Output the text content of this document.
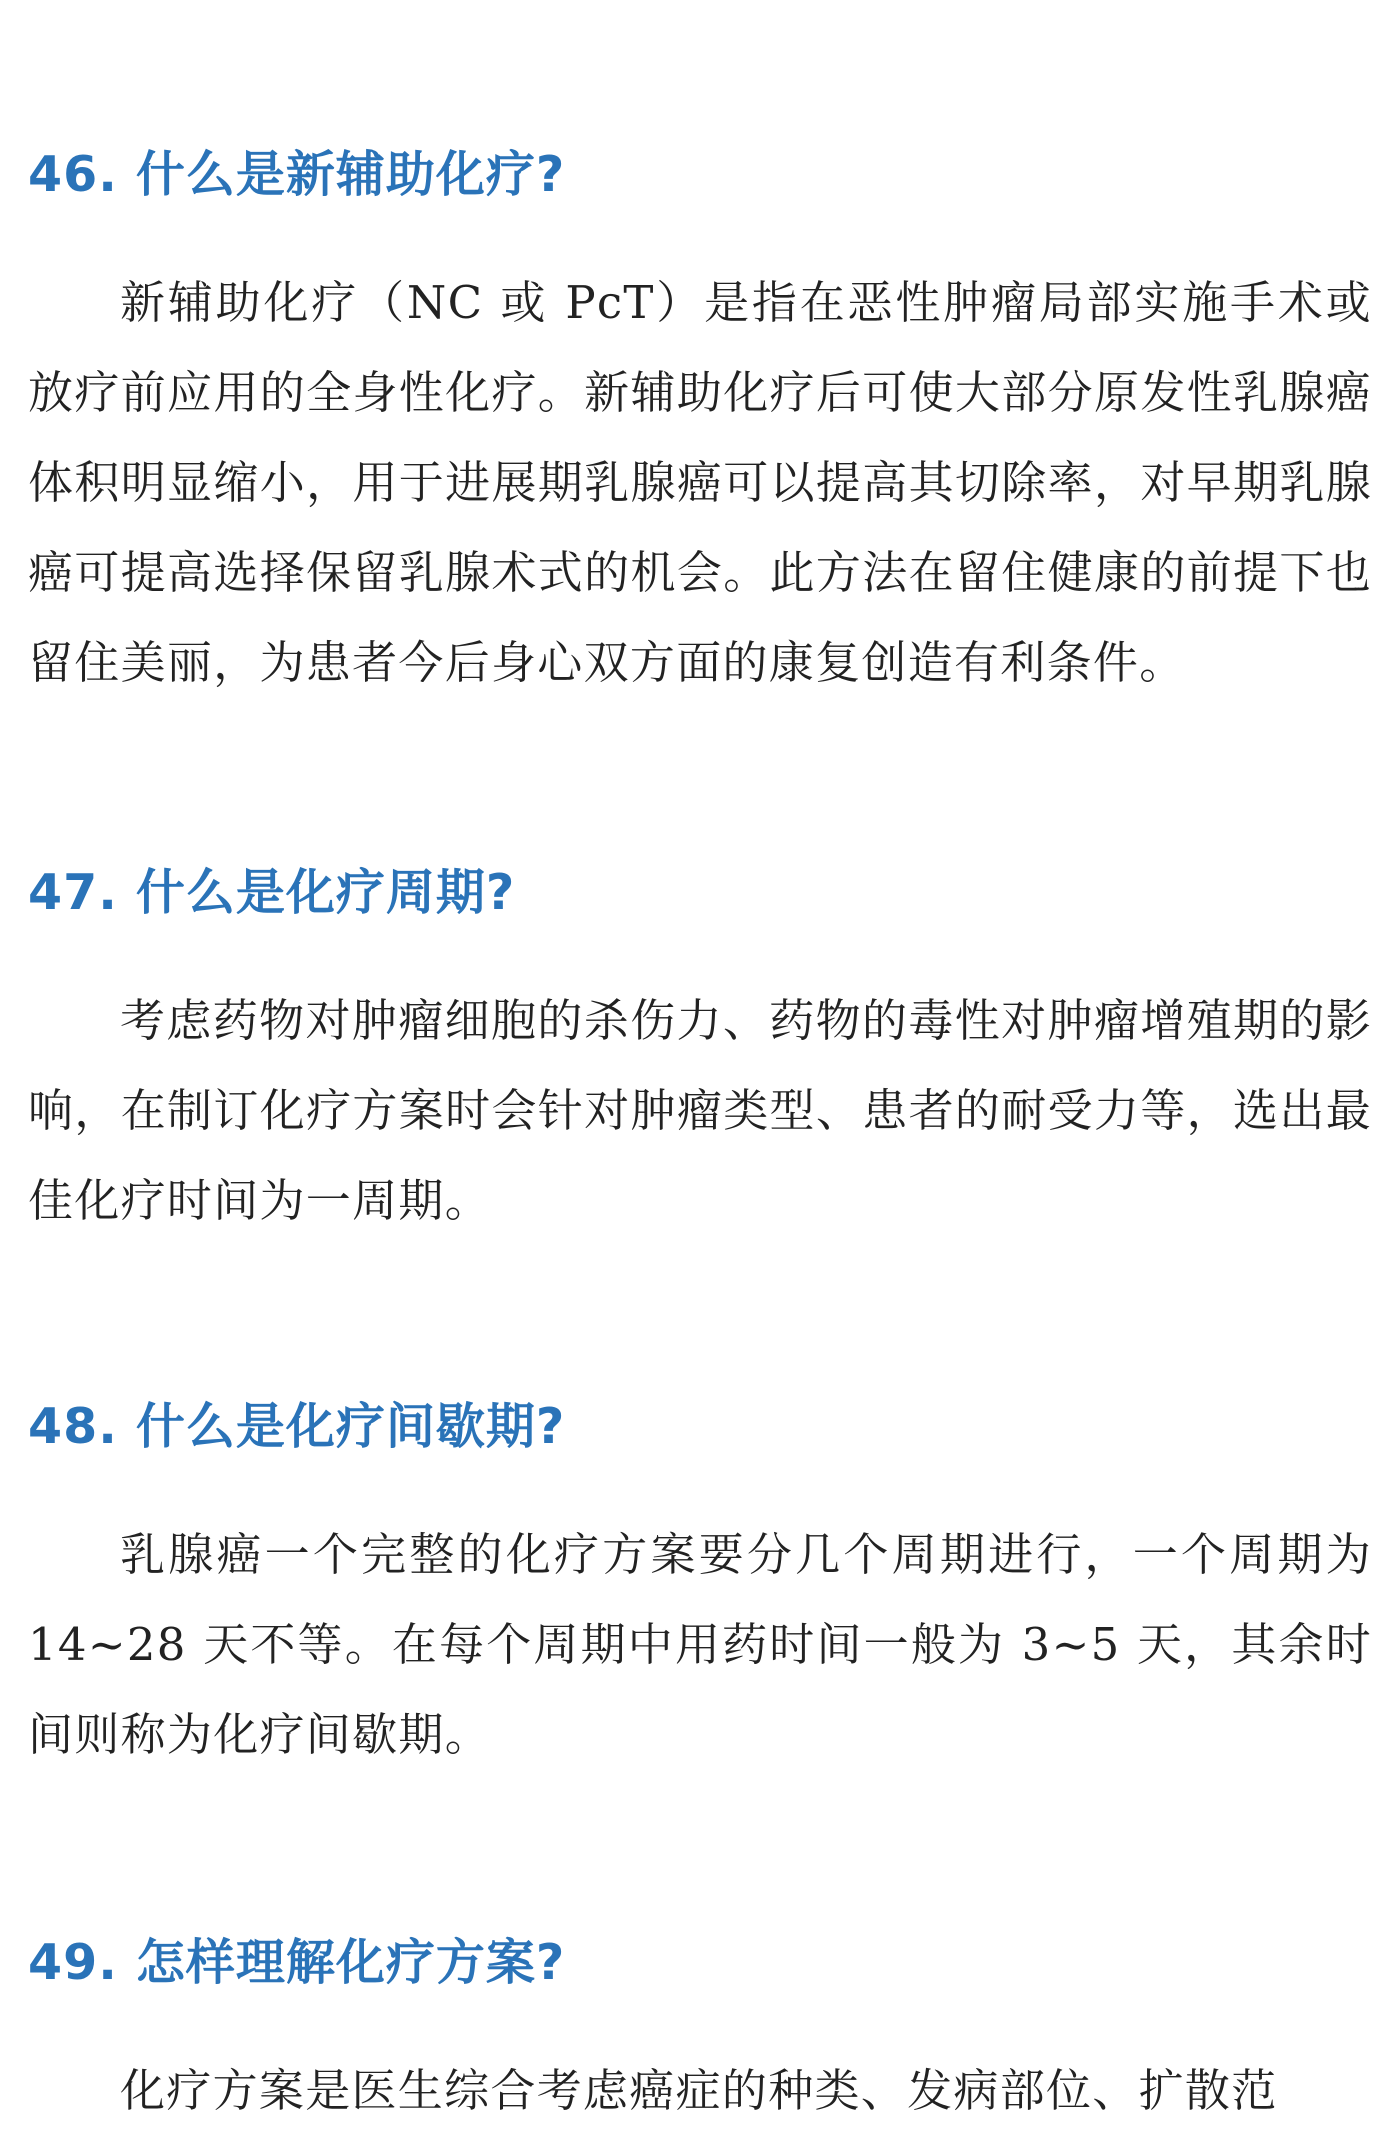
46. 什么是新辅助化疗?

新辅助化疗（NC 或 PcT）是指在恶性肿瘤局部实施手术或放疗前应用的全身性化疗。新辅助化疗后可使大部分原发性乳腺癌体积明显缩小，用于进展期乳腺癌可以提高其切除率，对早期乳腺癌可提高选择保留乳腺术式的机会。此方法在留住健康的前提下也留住美丽，为患者今后身心双方面的康复创造有利条件。

47. 什么是化疗周期?

考虑药物对肿瘤细胞的杀伤力、药物的毒性对肿瘤增殖期的影响，在制订化疗方案时会针对肿瘤类型、患者的耐受力等，选出最佳化疗时间为一周期。

48. 什么是化疗间歇期?

乳腺癌一个完整的化疗方案要分几个周期进行，一个周期为14~28 天不等。在每个周期中用药时间一般为 3~5 天，其余时间则称为化疗间歇期。

49. 怎样理解化疗方案?

化疗方案是医生综合考虑癌症的种类、发病部位、扩散范
